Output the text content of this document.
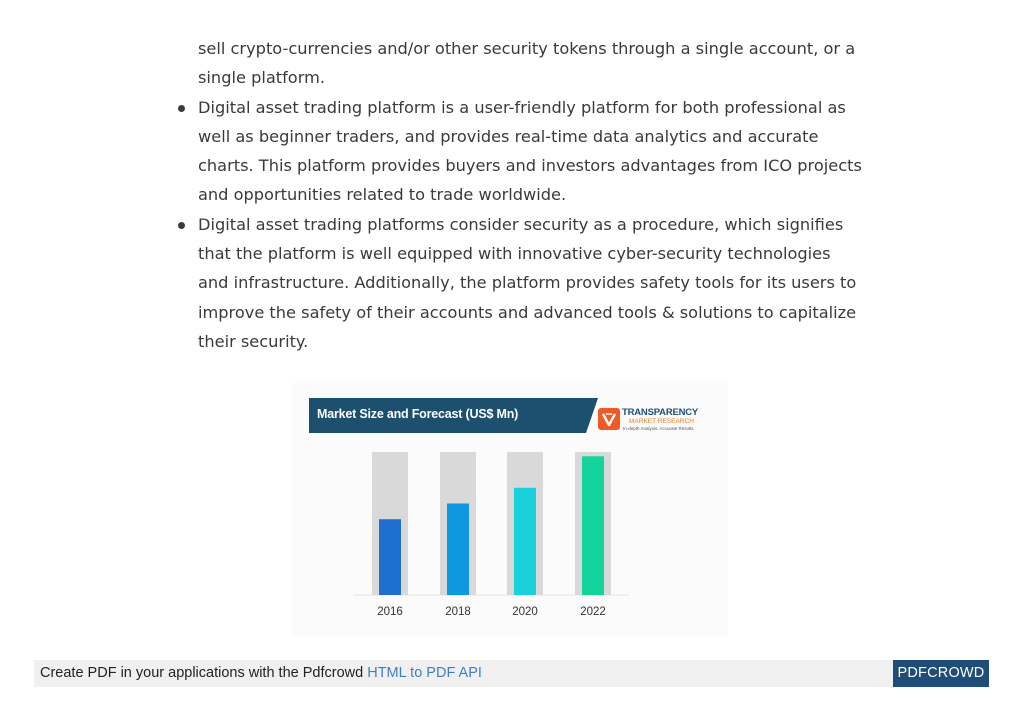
sell crypto-currencies and/or other security tokens through a single account, or a single platform.

Digital asset trading platform is a user-friendly platform for both professional as well as beginner traders, and provides real-time data analytics and accurate charts. This platform provides buyers and investors advantages from ICO projects and opportunities related to trade worldwide.
Digital asset trading platforms consider security as a procedure, which signifies that the platform is well equipped with innovative cyber-security technologies and infrastructure. Additionally, the platform provides safety tools for its users to improve the safety of their accounts and advanced tools & solutions to capitalize their security.
Market Size and Forecast (US$ Mn)	TRANSPARENCY
MARKET RESEARCH
In-depth Analysis. Accurate Results
2016	2018	2020	2022
Create PDF in your applications with the Pdfcrowd HTML to PDF API	PDFCROWD
